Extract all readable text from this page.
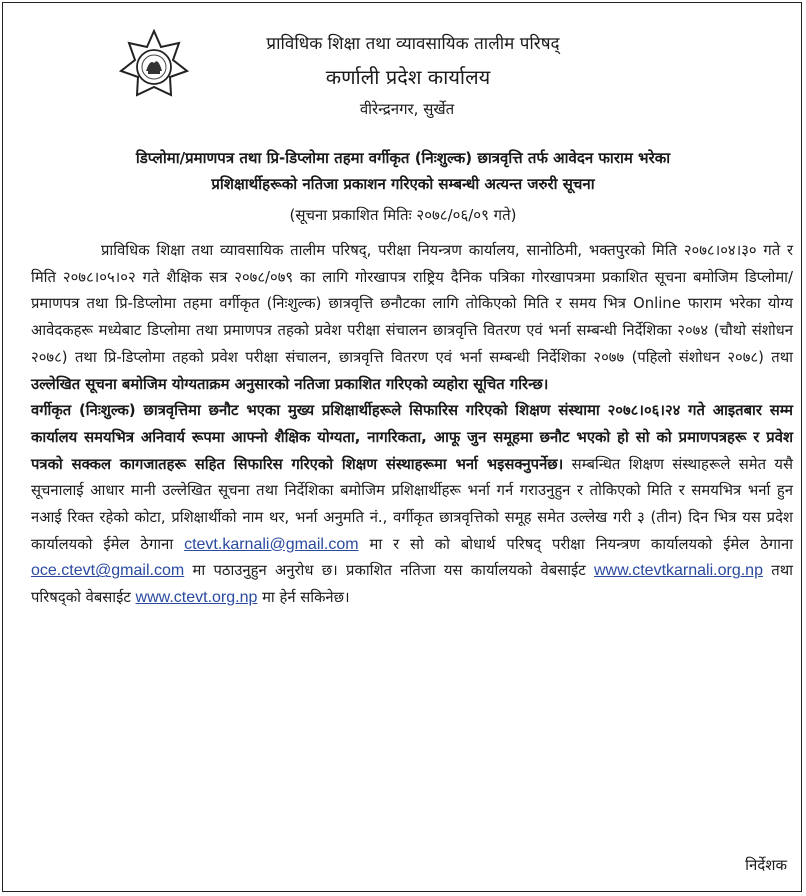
प्राविधिक शिक्षा तथा व्यावसायिक तालीम परिषद्
कर्णाली प्रदेश कार्यालय
वीरेन्द्रनगर, सुर्खेत
डिप्लोमा/प्रमाणपत्र तथा प्रि-डिप्लोमा तहमा वर्गीकृत (निःशुल्क) छात्रवृत्ति तर्फ आवेदन फाराम भरेका
प्रशिक्षार्थीहरूको नतिजा प्रकाशन गरिएको सम्बन्धी अत्यन्त जरुरी सूचना
(सूचना प्रकाशित मितिः २०७८/०६/०९ गते)

प्राविधिक शिक्षा तथा व्यावसायिक तालीम परिषद्, परीक्षा नियन्त्रण कार्यालय, सानोठिमी, भक्तपुरको मिति २०७८।०४।३० गते र मिति २०७८।०५।०२ गते शैक्षिक सत्र २०७८/०७९ का लागि गोरखापत्र राष्ट्रिय दैनिक पत्रिका गोरखापत्रमा प्रकाशित सूचना बमोजिम डिप्लोमा/प्रमाणपत्र तथा प्रि-डिप्लोमा तहमा वर्गीकृत (निःशुल्क) छात्रवृत्ति छनौटका लागि तोकिएको मिति र समय भित्र Online फाराम भरेका योग्य आवेदकहरू मध्येबाट डिप्लोमा तथा प्रमाणपत्र तहको प्रवेश परीक्षा संचालन छात्रवृत्ति वितरण एवं भर्ना सम्बन्धी निर्देशिका २०७४ (चौथो संशोधन २०७८) तथा प्रि-डिप्लोमा तहको प्रवेश परीक्षा संचालन, छात्रवृत्ति वितरण एवं भर्ना सम्बन्धी निर्देशिका २०७७ (पहिलो संशोधन २०७८) तथा उल्लेखित सूचना बमोजिम योग्यताक्रम अनुसारको नतिजा प्रकाशित गरिएको व्यहोरा सूचित गरिन्छ।

वर्गीकृत (निःशुल्क) छात्रवृत्तिमा छनौट भएका मुख्य प्रशिक्षार्थीहरूले सिफारिस गरिएको शिक्षण संस्थामा २०७८।०६।२४ गते आइतबार सम्म कार्यालय समयभित्र अनिवार्य रूपमा आफ्नो शैक्षिक योग्यता, नागरिकता, आफू जुन समूहमा छनौट भएको हो सो को प्रमाणपत्रहरू र प्रवेश पत्रको सक्कल कागजातहरू सहित सिफारिस गरिएको शिक्षण संस्थाहरूमा भर्ना भइसक्नुपर्नेछ। सम्बन्धित शिक्षण संस्थाहरूले समेत यसै सूचनालाई आधार मानी उल्लेखित सूचना तथा निर्देशिका बमोजिम प्रशिक्षार्थीहरू भर्ना गर्न गराउनुहुन र तोकिएको मिति र समयभित्र भर्ना हुन नआई रिक्त रहेको कोटा, प्रशिक्षार्थीको नाम थर, भर्ना अनुमति नं., वर्गीकृत छात्रवृत्तिको समूह समेत उल्लेख गरी ३ (तीन) दिन भित्र यस प्रदेश कार्यालयको ईमेल ठेगाना ctevt.karnali@gmail.com मा र सो को बोधार्थ परिषद् परीक्षा नियन्त्रण कार्यालयको ईमेल ठेगाना oce.ctevt@gmail.com मा पठाउनुहुन अनुरोध छ। प्रकाशित नतिजा यस कार्यालयको वेबसाईट www.ctevtkarnali.org.np तथा परिषद्को वेबसाईट www.ctevt.org.np मा हेर्न सकिनेछ।

निर्देशक
